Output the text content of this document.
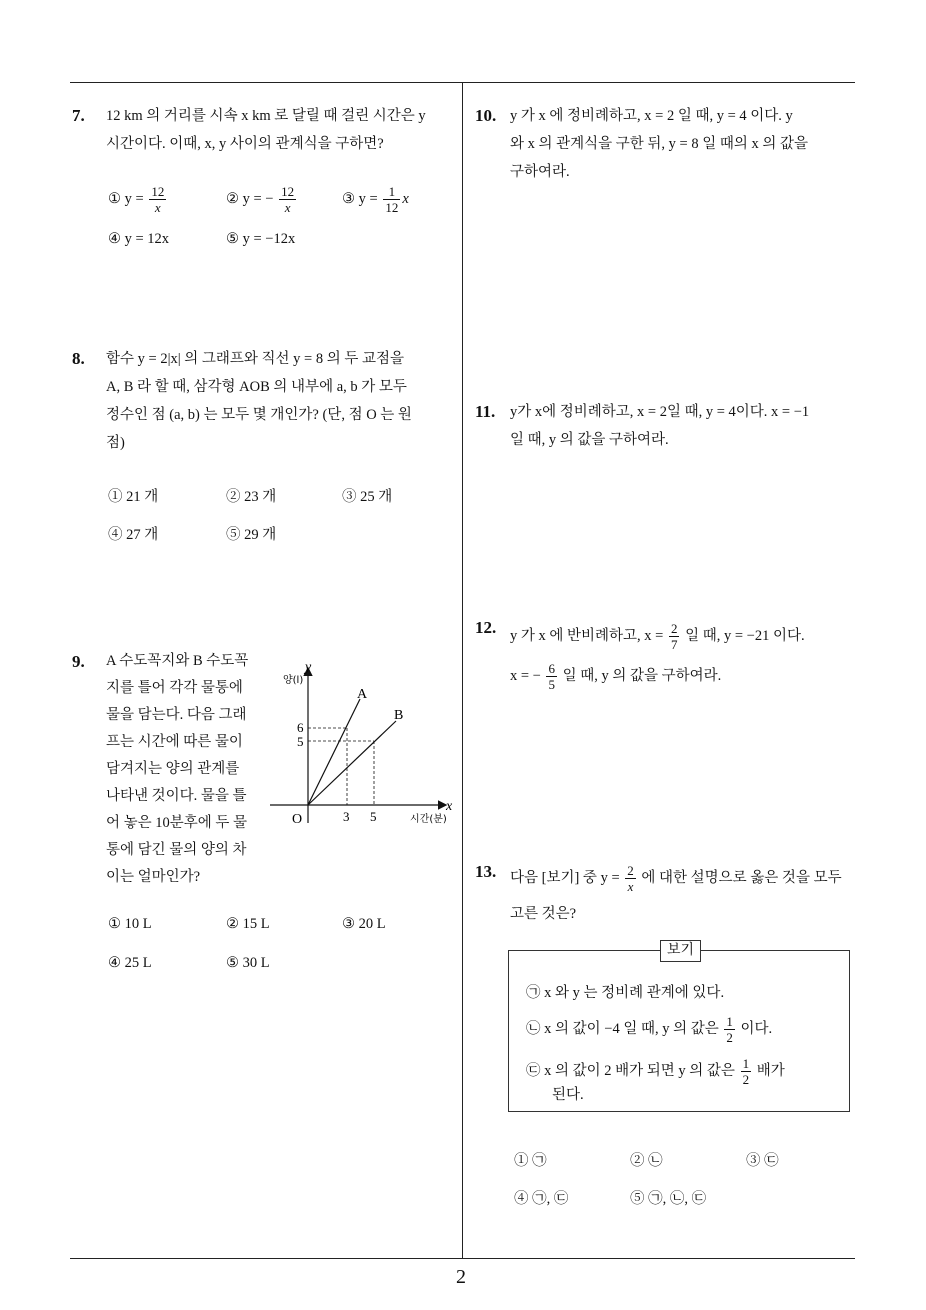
2
7. 12 km 의 거리를 시속 x km 로 달릴 때 걸린 시간은 y
시간이다. 이때, x, y 사이의 관계식을 구하면?
① $y = \frac{12}{x}$	② y = − $\frac{12}{x}$	③ $y = \frac{1}{12}$ x
④ y = 12x	⑤ y = −12x
8. 함수 y = 2|x| 의 그래프와 직선 y = 8 의 두 교점을
A, B 라 할 때, 삼각형 AOB 의 내부에 a, b 가 모두
정수인 점 (a, b) 는 모두 몇 개인가? (단, 점 O 는 원
점)
① 21 개	② 23 개	③ 25 개
④ 27 개	⑤ 29 개
9. A 수도꼭지와 B 수도꼭
지를 틀어 각각 물통에
물을 담는다. 다음 그래
프는 시간에 따른 물이
담겨지는 양의 관계를
나타낸 것이다. 물을 틀
어 놓은 10분후에 두 물
통에 담긴 물의 양의 차
이는 얼마인가?
y
양(l)
x
시간(분)
O
A
B
6
5
3 5
① 10 L	② 15 L	③ 20 L
④ 25 L	⑤ 30 L
10. y 가 x 에 정비례하고, x = 2 일 때, y = 4 이다. y
와 x 의 관계식을 구한 뒤, y = 8 일 때의 x 의 값을
구하여라.
11. y가 x에 정비례하고, x = 2일 때, y = 4이다. x = −1
일 때, y 의 값을 구하여라.
12. y 가 x 에 반비례하고, $x = \frac{2}{7}$ 일 때, y = −21 이다.
x = − $\frac{6}{5}$ 일 때, y 의 값을 구하여라.
13. 다음 [보기] 중 $y = \frac{2}{x}$ 에 대한 설명으로 옳은 것을 모두
고른 것은?
보기
㉠ x 와 y 는 정비례 관계에 있다.
㉡ x 의 값이 −4 일 때, y 의 값은 $\frac{1}{2}$ 이다.
㉢ x 의 값이 2 배가 되면 y 의 값은 $\frac{1}{2}$ 배가
된다.
① ㉠	② ㉡	③ ㉢
④ ㉠, ㉢	⑤ ㉠, ㉡, ㉢
